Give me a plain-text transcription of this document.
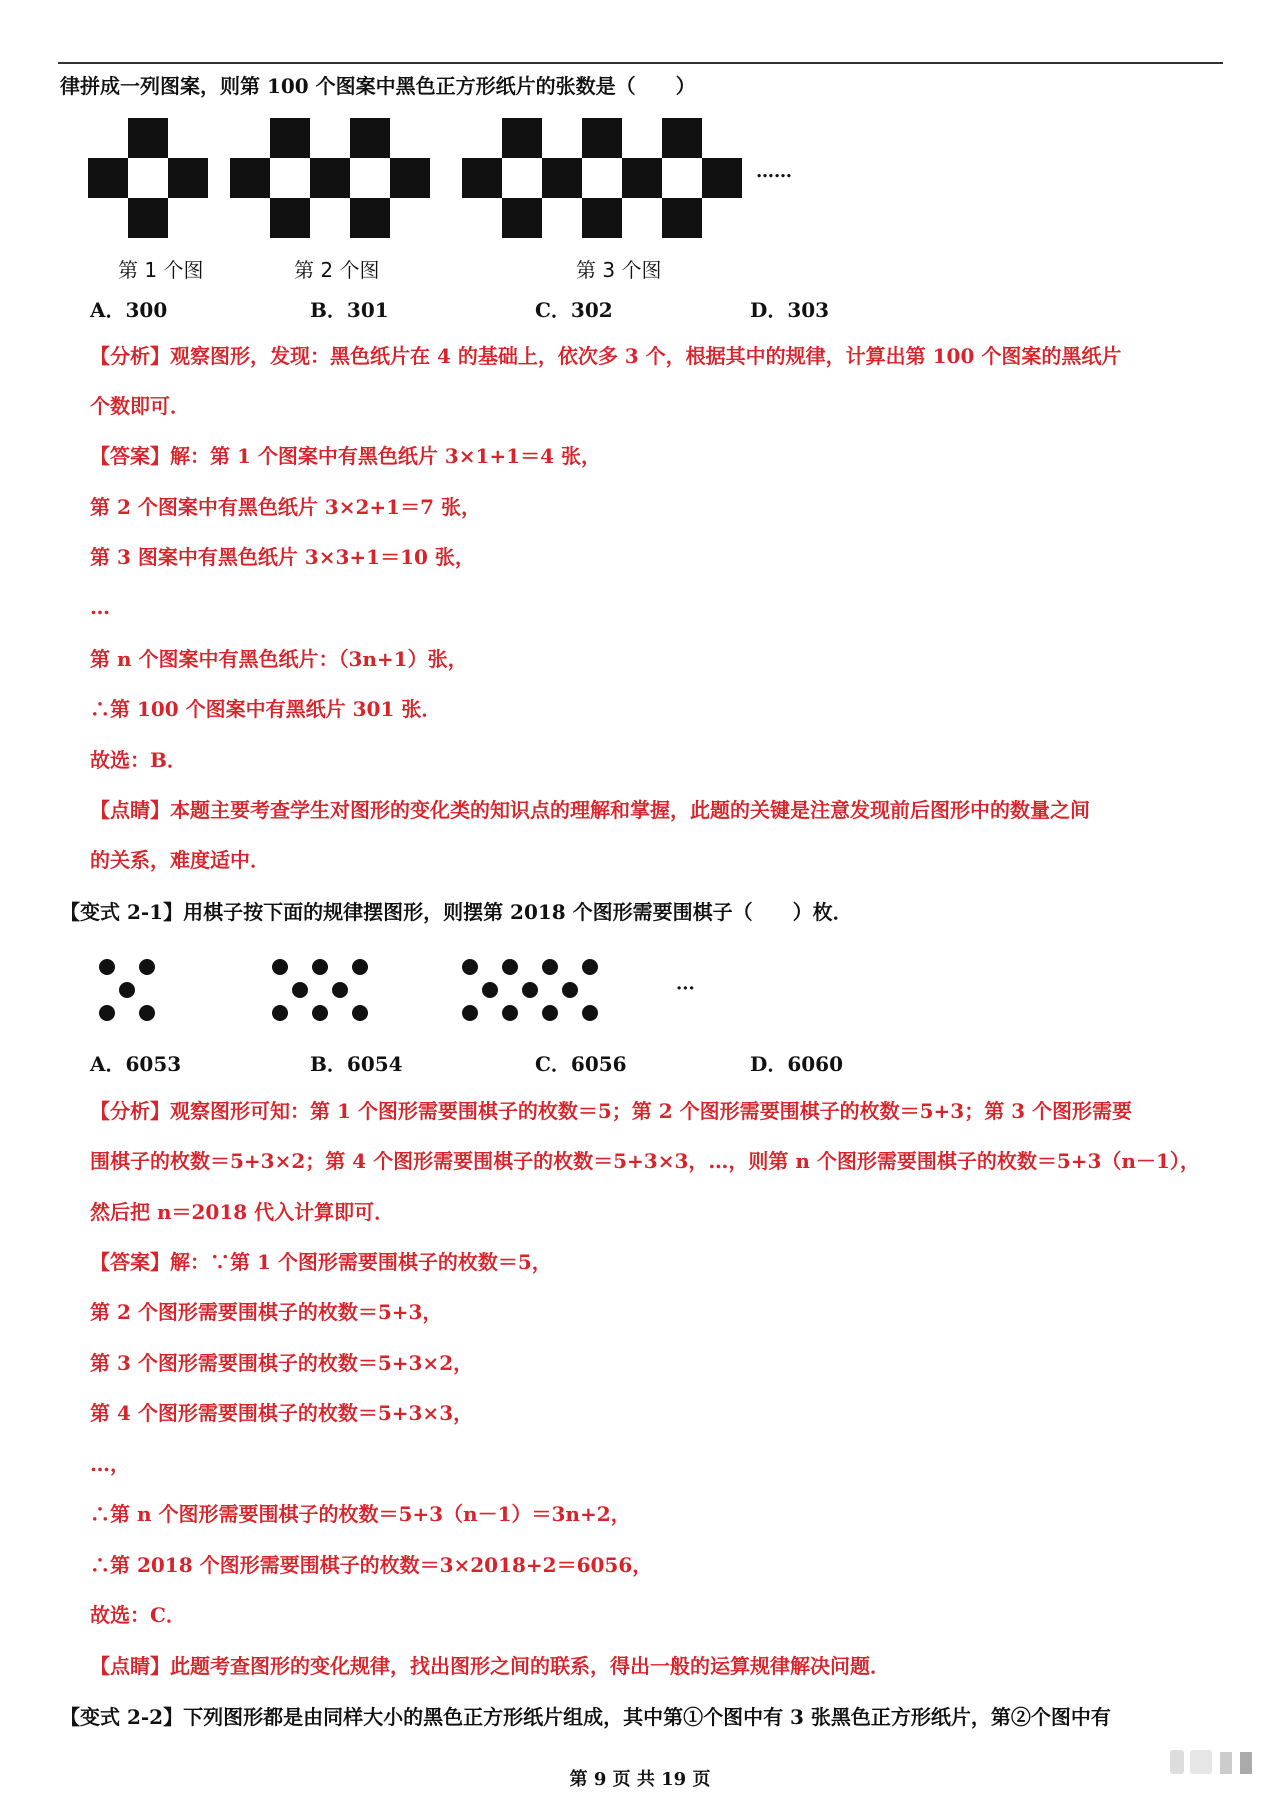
律拼成一列图案，则第 100 个图案中黑色正方形纸片的张数是（　　）
……
第 1 个图	第 2 个图	第 3 个图
A．300	B．301	C．302	D．303
【分析】观察图形，发现：黑色纸片在 4 的基础上，依次多 3 个，根据其中的规律，计算出第 100 个图案的黑纸片
个数即可．
【答案】解：第 1 个图案中有黑色纸片 3×1+1＝4 张，
第 2 个图案中有黑色纸片 3×2+1＝7 张，
第 3 图案中有黑色纸片 3×3+1＝10 张，
…
第 n 个图案中有黑色纸片：（3n+1）张，
∴第 100 个图案中有黑纸片 301 张．
故选：B．
【点睛】本题主要考查学生对图形的变化类的知识点的理解和掌握，此题的关键是注意发现前后图形中的数量之间
的关系，难度适中．
【变式 2-1】用棋子按下面的规律摆图形，则摆第 2018 个图形需要围棋子（　　）枚．
···
A．6053	B．6054	C．6056	D．6060
【分析】观察图形可知：第 1 个图形需要围棋子的枚数＝5；第 2 个图形需要围棋子的枚数＝5+3；第 3 个图形需要
围棋子的枚数＝5+3×2；第 4 个图形需要围棋子的枚数＝5+3×3，…，则第 n 个图形需要围棋子的枚数＝5+3（n－1），
然后把 n＝2018 代入计算即可．
【答案】解：∵第 1 个图形需要围棋子的枚数＝5，
第 2 个图形需要围棋子的枚数＝5+3，
第 3 个图形需要围棋子的枚数＝5+3×2，
第 4 个图形需要围棋子的枚数＝5+3×3，
…，
∴第 n 个图形需要围棋子的枚数＝5+3（n－1）＝3n+2，
∴第 2018 个图形需要围棋子的枚数＝3×2018+2＝6056，
故选：C．
【点睛】此题考查图形的变化规律，找出图形之间的联系，得出一般的运算规律解决问题．
【变式 2-2】下列图形都是由同样大小的黑色正方形纸片组成，其中第①个图中有 3 张黑色正方形纸片，第②个图中有
第 9 页 共 19 页
